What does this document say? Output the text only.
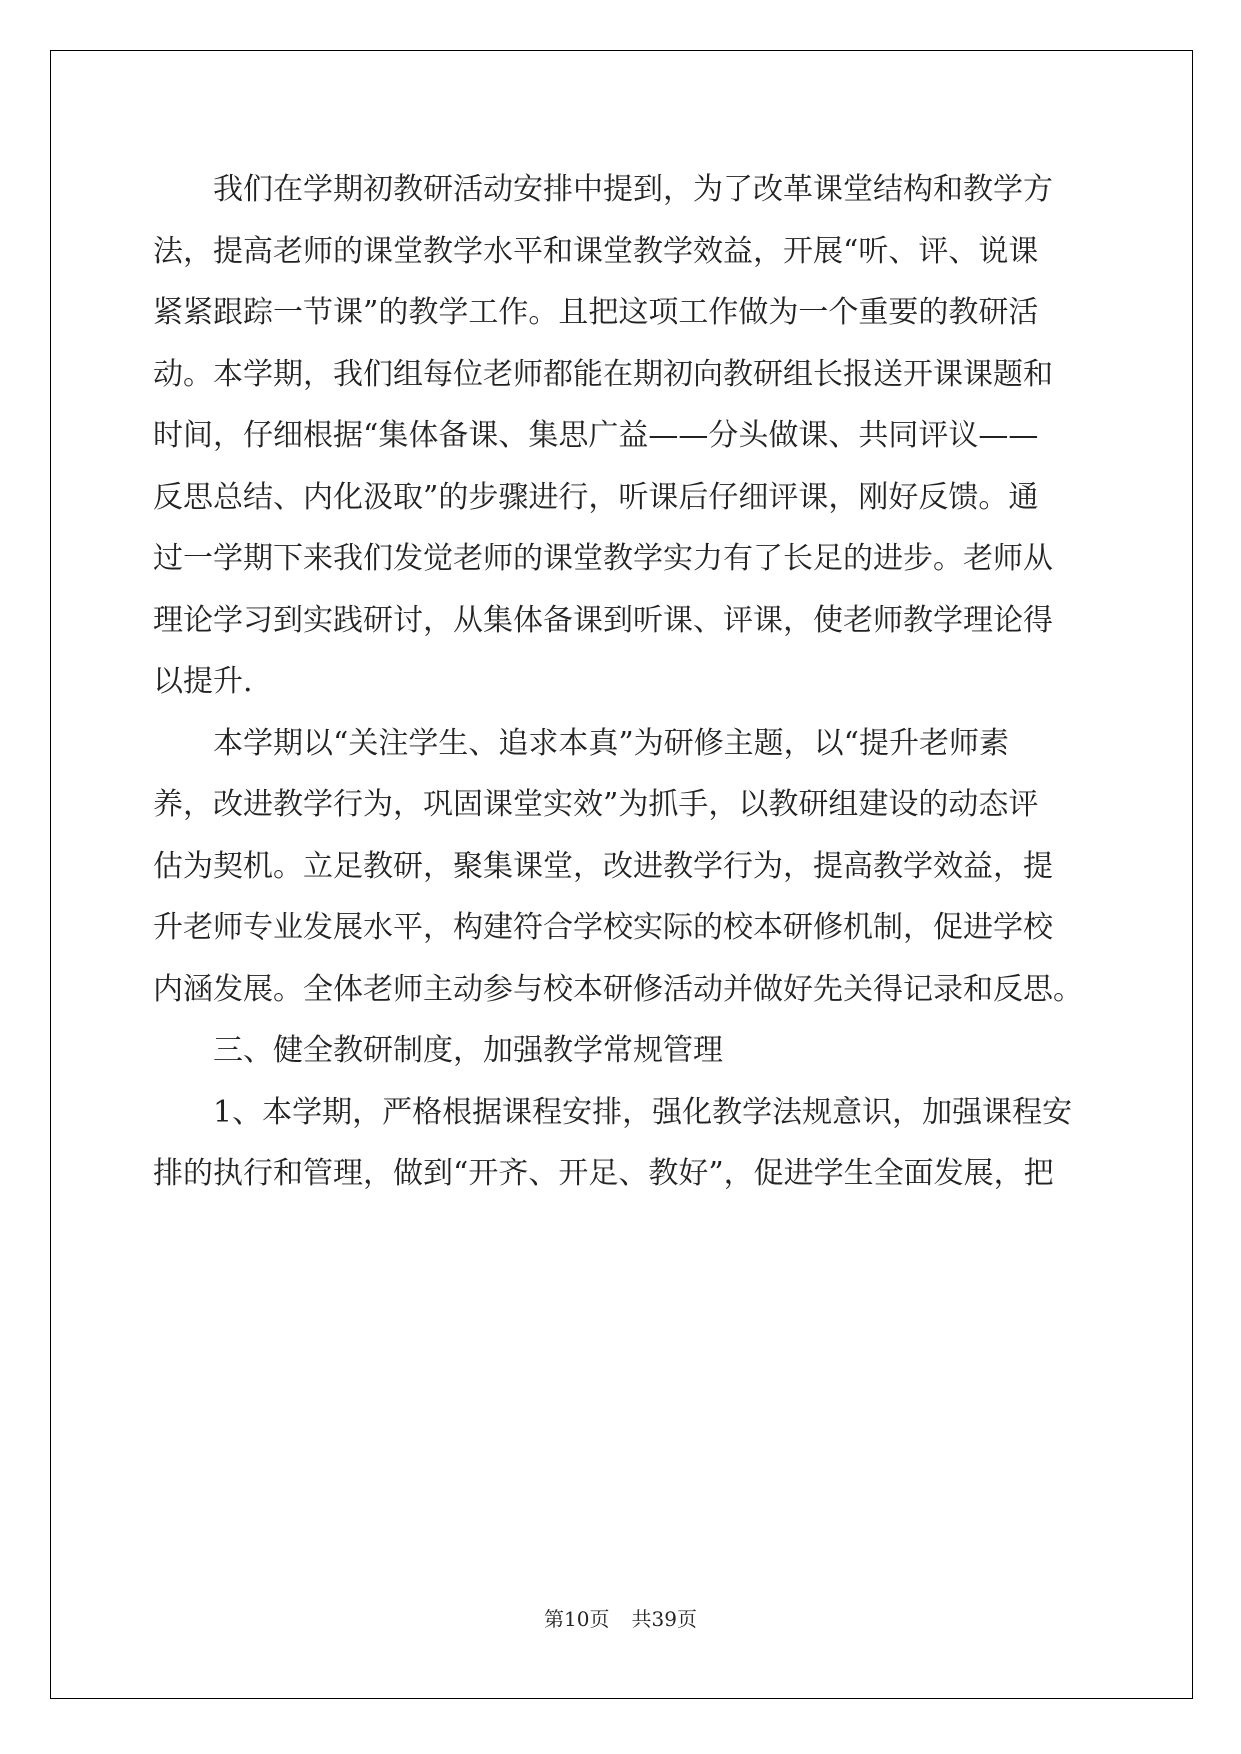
　　我们在学期初教研活动安排中提到，为了改革课堂结构和教学方
法，提高老师的课堂教学水平和课堂教学效益，开展“听、评、说课
紧紧跟踪一节课”的教学工作。且把这项工作做为一个重要的教研活
动。本学期，我们组每位老师都能在期初向教研组长报送开课课题和
时间，仔细根据“集体备课、集思广益——分头做课、共同评议——
反思总结、内化汲取”的步骤进行，听课后仔细评课，刚好反馈。通
过一学期下来我们发觉老师的课堂教学实力有了长足的进步。老师从
理论学习到实践研讨，从集体备课到听课、评课，使老师教学理论得
以提升.
　　本学期以“关注学生、追求本真”为研修主题，以“提升老师素
养，改进教学行为，巩固课堂实效”为抓手，以教研组建设的动态评
估为契机。立足教研，聚集课堂，改进教学行为，提高教学效益，提
升老师专业发展水平，构建符合学校实际的校本研修机制，促进学校
内涵发展。全体老师主动参与校本研修活动并做好先关得记录和反思。
　　三、健全教研制度，加强教学常规管理
　　1、本学期，严格根据课程安排，强化教学法规意识，加强课程安
排的执行和管理，做到“开齐、开足、教好”，促进学生全面发展，把
第10页 共39页
